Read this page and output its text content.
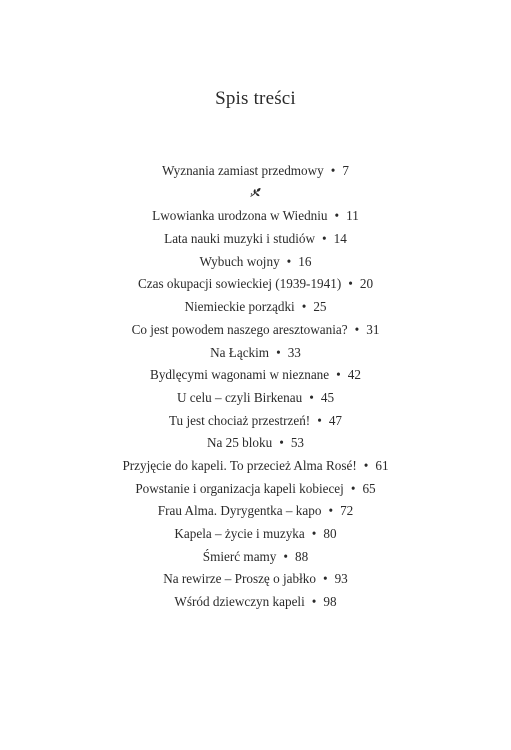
Spis treści
Wyznania zamiast przedmowy • 7
Lwowianka urodzona w Wiedniu • 11
Lata nauki muzyki i studiów • 14
Wybuch wojny • 16
Czas okupacji sowieckiej (1939-1941) • 20
Niemieckie porządki • 25
Co jest powodem naszego aresztowania? • 31
Na Łąckim • 33
Bydlęcymi wagonami w nieznane • 42
U celu – czyli Birkenau • 45
Tu jest chociaż przestrzeń! • 47
Na 25 bloku • 53
Przyjęcie do kapeli. To przecież Alma Rosé! • 61
Powstanie i organizacja kapeli kobiecej • 65
Frau Alma. Dyrygentka – kapo • 72
Kapela – życie i muzyka • 80
Śmierć mamy • 88
Na rewirze – Proszę o jabłko • 93
Wśród dziewczyn kapeli • 98
